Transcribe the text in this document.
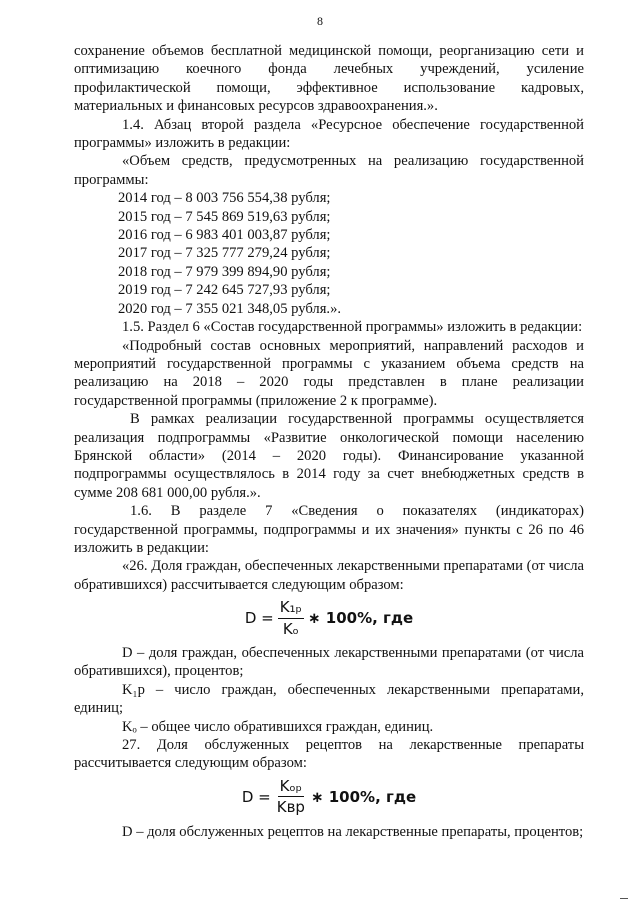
8

сохранение объемов бесплатной медицинской помощи, реорганизацию сети и оптимизацию коечного фонда лечебных учреждений, усиление профилактической помощи, эффективное использование кадровых, материальных и финансовых ресурсов здравоохранения.».

1.4. Абзац второй раздела «Ресурсное обеспечение государственной программы» изложить в редакции:

«Объем средств, предусмотренных на реализацию государственной программы:

2014 год – 8 003 756 554,38 рубля;

2015 год – 7 545 869 519,63 рубля;

2016 год – 6 983 401 003,87 рубля;

2017 год – 7 325 777 279,24 рубля;

2018 год – 7 979 399 894,90 рубля;

2019 год – 7 242 645 727,93 рубля;

2020 год – 7 355 021 348,05 рубля.».

1.5. Раздел 6 «Состав государственной программы» изложить в редакции:

«Подробный состав основных мероприятий, направлений расходов и мероприятий государственной программы с указанием объема средств на реализацию на 2018 – 2020 годы представлен в плане реализации государственной программы (приложение 2 к программе).

В рамках реализации государственной программы осуществляется реализация подпрограммы «Развитие онкологической помощи населению Брянской области» (2014 – 2020 годы). Финансирование указанной подпрограммы осуществлялось в 2014 году за счет внебюджетных средств в сумме 208 681 000,00 рубля.».

1.6. В разделе 7 «Сведения о показателях (индикаторах) государственной программы, подпрограммы и их значения» пункты с 26 по 46 изложить в редакции:

«26. Доля граждан, обеспеченных лекарственными препаратами (от числа обратившихся) рассчитывается следующим образом:

$D = \frac{\text{K₁ₚ}}{\text{Kₒ}}$ ∗ 100%, где

D – доля граждан, обеспеченных лекарственными препаратами (от числа обратившихся), процентов;

K₁p – число граждан, обеспеченных лекарственными препаратами, единиц;

Kₒ – общее число обратившихся граждан, единиц.

27. Доля обслуженных рецептов на лекарственные препараты рассчитывается следующим образом:

$D = \frac{\text{Kₒₚ}}{\text{Kвр}}$ ∗ 100%, где

D – доля обслуженных рецептов на лекарственные препараты, процентов;
